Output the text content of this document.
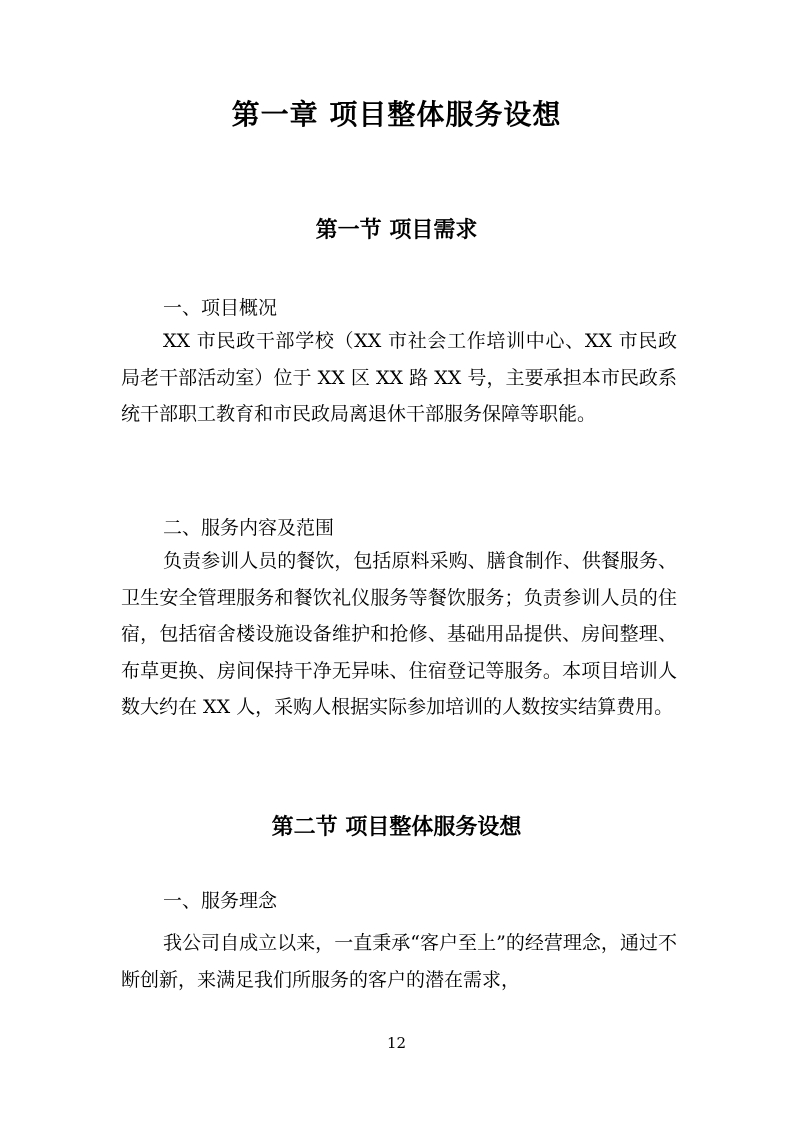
第一章 项目整体服务设想
第一节 项目需求
一、项目概况

XX 市民政干部学校（XX 市社会工作培训中心、XX 市民政局老干部活动室）位于 XX 区 XX 路 XX 号，主要承担本市民政系统干部职工教育和市民政局离退休干部服务保障等职能。

二、服务内容及范围

负责参训人员的餐饮，包括原料采购、膳食制作、供餐服务、卫生安全管理服务和餐饮礼仪服务等餐饮服务；负责参训人员的住宿，包括宿舍楼设施设备维护和抢修、基础用品提供、房间整理、布草更换、房间保持干净无异味、住宿登记等服务。本项目培训人数大约在 XX 人，采购人根据实际参加培训的人数按实结算费用。

第二节 项目整体服务设想
一、服务理念

我公司自成立以来，一直秉承“客户至上”的经营理念，通过不断创新，来满足我们所服务的客户的潜在需求，

12
